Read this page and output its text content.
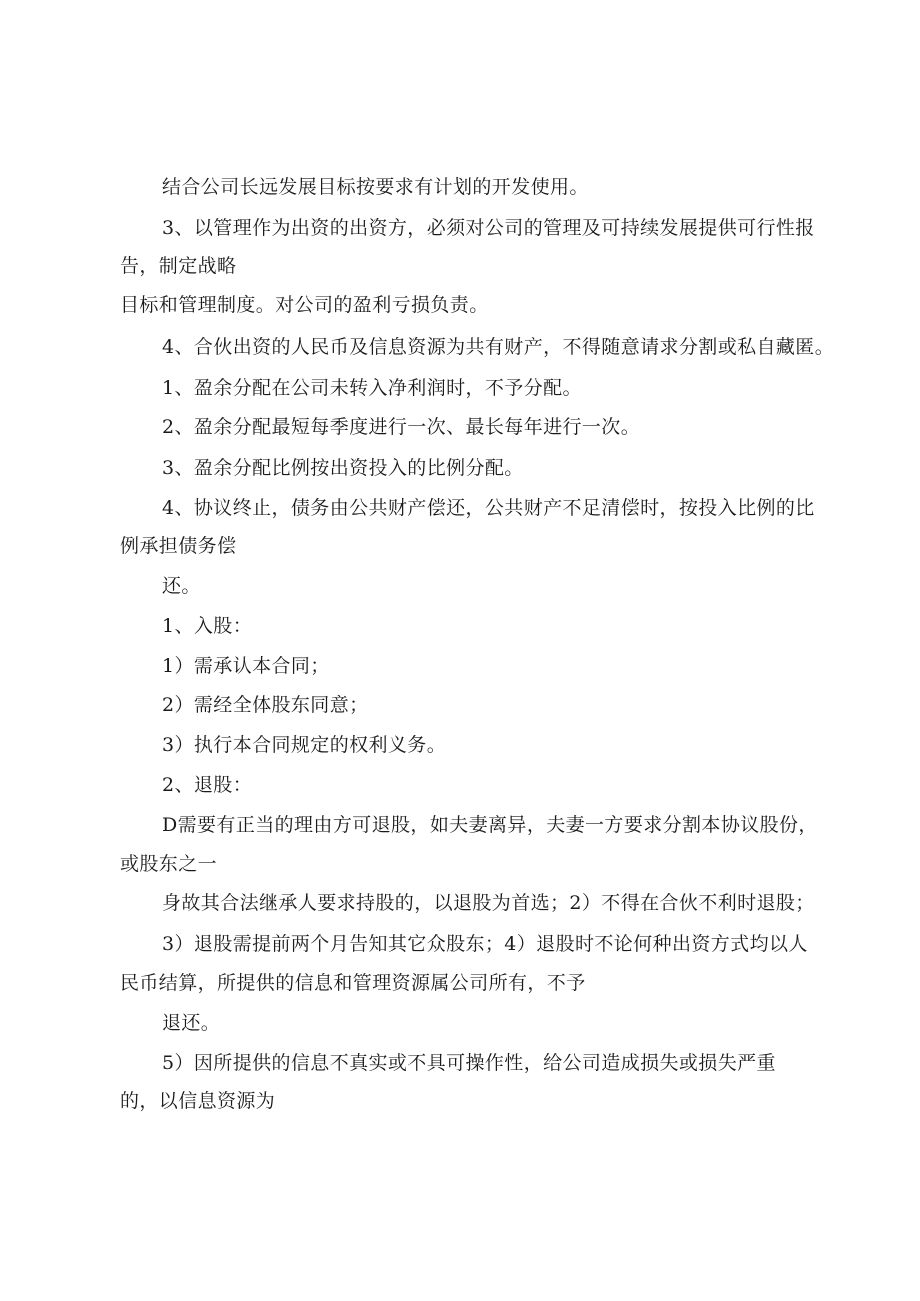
结合公司长远发展目标按要求有计划的开发使用。
3、以管理作为出资的出资方，必须对公司的管理及可持续发展提供可行性报
告，制定战略
目标和管理制度。对公司的盈利亏损负责。
4、合伙出资的人民币及信息资源为共有财产，不得随意请求分割或私自藏匿。
1、盈余分配在公司未转入净利润时，不予分配。
2、盈余分配最短每季度进行一次、最长每年进行一次。
3、盈余分配比例按出资投入的比例分配。
4、协议终止，债务由公共财产偿还，公共财产不足清偿时，按投入比例的比
例承担债务偿
还。
1、入股：
1）需承认本合同；
2）需经全体股东同意；
3）执行本合同规定的权利义务。
2、退股：
D需要有正当的理由方可退股，如夫妻离异，夫妻一方要求分割本协议股份，
或股东之一
身故其合法继承人要求持股的，以退股为首选；2）不得在合伙不利时退股；
3）退股需提前两个月告知其它众股东；4）退股时不论何种出资方式均以人
民币结算，所提供的信息和管理资源属公司所有，不予
退还。
5）因所提供的信息不真实或不具可操作性，给公司造成损失或损失严重
的，以信息资源为
